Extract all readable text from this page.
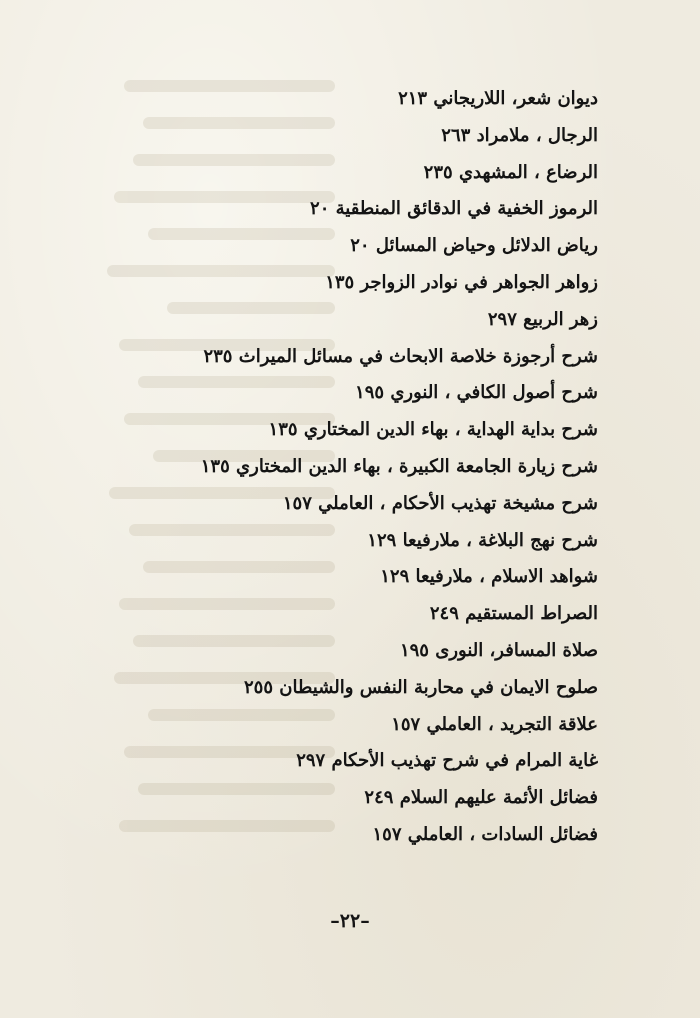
ديوان شعر، اللاريجاني ٢١٣
الرجال ، ملامراد ٢٦٣
الرضاع ، المشهدي ٢٣٥
الرموز الخفية في الدقائق المنطقية ٢٠
رياض الدلائل وحياض المسائل ٢٠
زواهر الجواهر في نوادر الزواجر ١٣٥
زهر الربيع ٢٩٧
شرح أرجوزة خلاصة الابحاث في مسائل الميراث ٢٣٥
شرح أصول الكافي ، النوري ١٩٥
شرح بداية الهداية ، بهاء الدين المختاري ١٣٥
شرح زيارة الجامعة الكبيرة ، بهاء الدين المختاري ١٣٥
شرح مشيخة تهذيب الأحكام ، العاملي ١٥٧
شرح نهج البلاغة ، ملارفيعا ١٢٩
شواهد الاسلام ، ملارفيعا ١٢٩
الصراط المستقيم ٢٤٩
صلاة المسافر، النورى ١٩٥
صلوح الايمان في محاربة النفس والشيطان ٢٥٥
علاقة التجريد ، العاملي ١٥٧
غاية المرام في شرح تهذيب الأحكام ٢٩٧
فضائل الأئمة عليهم السلام ٢٤٩
فضائل السادات ، العاملي ١٥٧
–٢٢–
